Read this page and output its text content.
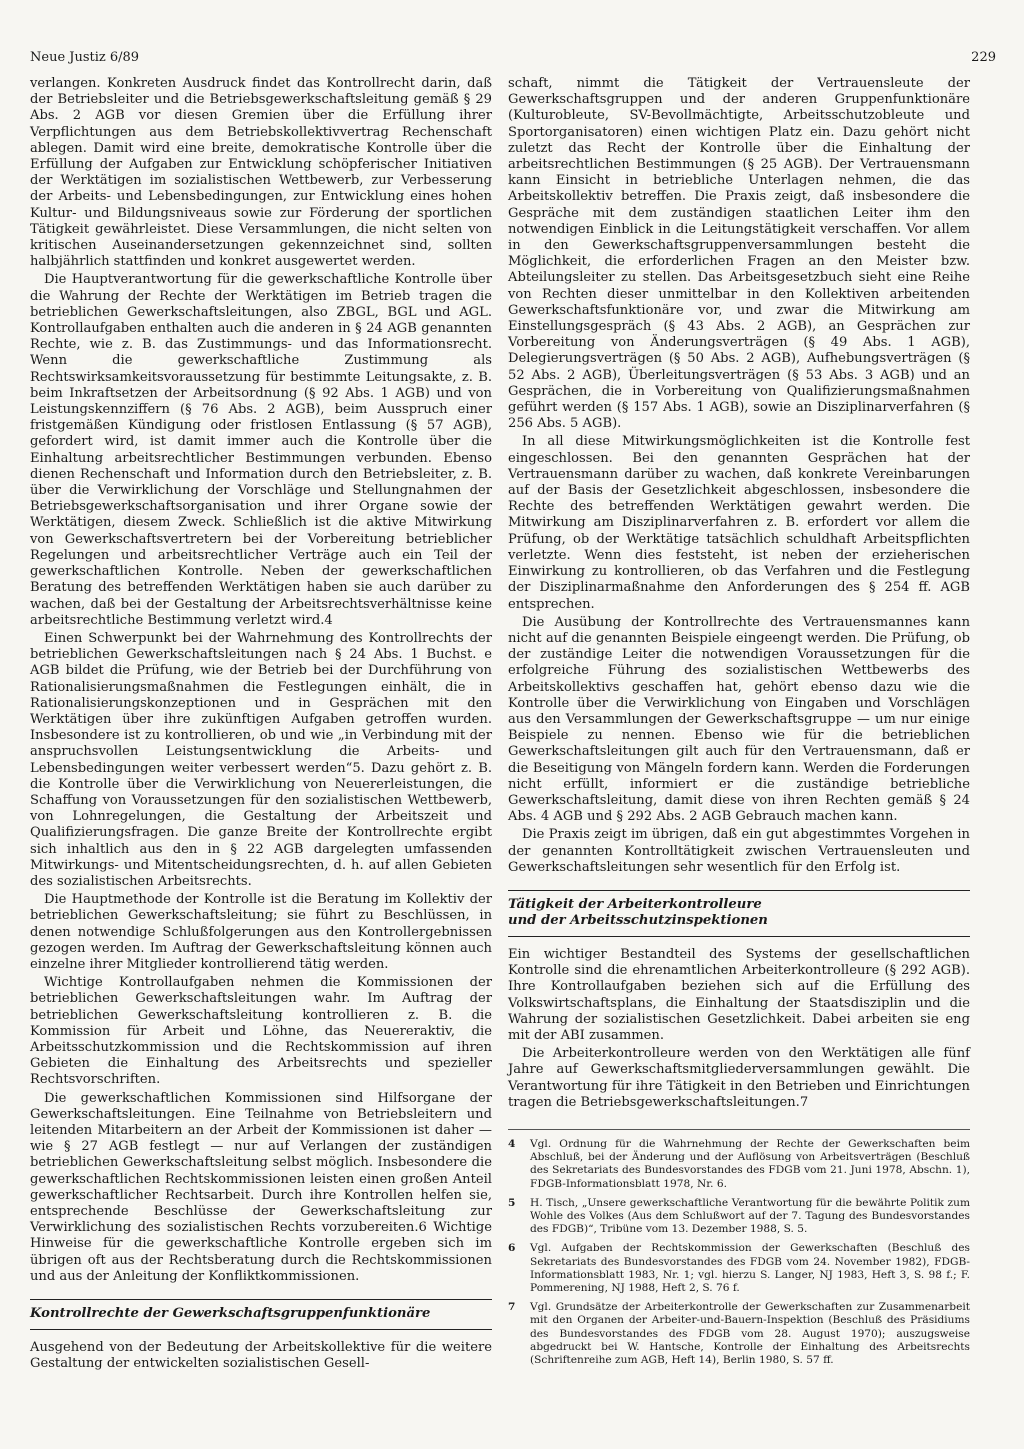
Neue Justiz 6/89	229

verlangen. Konkreten Ausdruck findet das Kontrollrecht darin, daß der Betriebsleiter und die Betriebsgewerkschaftsleitung gemäß § 29 Abs. 2 AGB vor diesen Gremien über die Erfüllung ihrer Verpflichtungen aus dem Betriebskollektivvertrag Rechenschaft ablegen. Damit wird eine breite, demokratische Kontrolle über die Erfüllung der Aufgaben zur Entwicklung schöpferischer Initiativen der Werktätigen im sozialistischen Wettbewerb, zur Verbesserung der Arbeits- und Lebensbedingungen, zur Entwicklung eines hohen Kultur- und Bildungsniveaus sowie zur Förderung der sportlichen Tätigkeit gewährleistet. Diese Versammlungen, die nicht selten von kritischen Auseinandersetzungen gekennzeichnet sind, sollten halbjährlich stattfinden und konkret ausgewertet werden.

Die Hauptverantwortung für die gewerkschaftliche Kontrolle über die Wahrung der Rechte der Werktätigen im Betrieb tragen die betrieblichen Gewerkschaftsleitungen, also ZBGL, BGL und AGL. Kontrollaufgaben enthalten auch die anderen in § 24 AGB genannten Rechte, wie z. B. das Zustimmungs- und das Informationsrecht. Wenn die gewerkschaftliche Zustimmung als Rechtswirksamkeitsvoraussetzung für bestimmte Leitungsakte, z. B. beim Inkraftsetzen der Arbeitsordnung (§ 92 Abs. 1 AGB) und von Leistungskennziffern (§ 76 Abs. 2 AGB), beim Ausspruch einer fristgemäßen Kündigung oder fristlosen Entlassung (§ 57 AGB), gefordert wird, ist damit immer auch die Kontrolle über die Einhaltung arbeitsrechtlicher Bestimmungen verbunden. Ebenso dienen Rechenschaft und Information durch den Betriebsleiter, z. B. über die Verwirklichung der Vorschläge und Stellungnahmen der Betriebsgewerkschaftsorganisation und ihrer Organe sowie der Werktätigen, diesem Zweck. Schließlich ist die aktive Mitwirkung von Gewerkschaftsvertretern bei der Vorbereitung betrieblicher Regelungen und arbeitsrechtlicher Verträge auch ein Teil der gewerkschaftlichen Kontrolle. Neben der gewerkschaftlichen Beratung des betreffenden Werktätigen haben sie auch darüber zu wachen, daß bei der Gestaltung der Arbeitsrechtsverhältnisse keine arbeitsrechtliche Bestimmung verletzt wird.4

Einen Schwerpunkt bei der Wahrnehmung des Kontrollrechts der betrieblichen Gewerkschaftsleitungen nach § 24 Abs. 1 Buchst. e AGB bildet die Prüfung, wie der Betrieb bei der Durchführung von Rationalisierungsmaßnahmen die Festlegungen einhält, die in Rationalisierungskonzeptionen und in Gesprächen mit den Werktätigen über ihre zukünftigen Aufgaben getroffen wurden. Insbesondere ist zu kontrollieren, ob und wie „in Verbindung mit der anspruchsvollen Leistungsentwicklung die Arbeits- und Lebensbedingungen weiter verbessert werden“5. Dazu gehört z. B. die Kontrolle über die Verwirklichung von Neuererleistungen, die Schaffung von Voraussetzungen für den sozialistischen Wettbewerb, von Lohnregelungen, die Gestaltung der Arbeitszeit und Qualifizierungsfragen. Die ganze Breite der Kontrollrechte ergibt sich inhaltlich aus den in § 22 AGB dargelegten umfassenden Mitwirkungs- und Mitentscheidungsrechten, d. h. auf allen Gebieten des sozialistischen Arbeitsrechts.

Die Hauptmethode der Kontrolle ist die Beratung im Kollektiv der betrieblichen Gewerkschaftsleitung; sie führt zu Beschlüssen, in denen notwendige Schlußfolgerungen aus den Kontrollergebnissen gezogen werden. Im Auftrag der Gewerkschaftsleitung können auch einzelne ihrer Mitglieder kontrollierend tätig werden.

Wichtige Kontrollaufgaben nehmen die Kommissionen der betrieblichen Gewerkschaftsleitungen wahr. Im Auftrag der betrieblichen Gewerkschaftsleitung kontrollieren z. B. die Kommission für Arbeit und Löhne, das Neuereraktiv, die Arbeitsschutzkommission und die Rechtskommission auf ihren Gebieten die Einhaltung des Arbeitsrechts und spezieller Rechtsvorschriften.

Die gewerkschaftlichen Kommissionen sind Hilfsorgane der Gewerkschaftsleitungen. Eine Teilnahme von Betriebsleitern und leitenden Mitarbeitern an der Arbeit der Kommissionen ist daher — wie § 27 AGB festlegt — nur auf Verlangen der zuständigen betrieblichen Gewerkschaftsleitung selbst möglich. Insbesondere die gewerkschaftlichen Rechtskommissionen leisten einen großen Anteil gewerkschaftlicher Rechtsarbeit. Durch ihre Kontrollen helfen sie, entsprechende Beschlüsse der Gewerkschaftsleitung zur Verwirklichung des sozialistischen Rechts vorzubereiten.6 Wichtige Hinweise für die gewerkschaftliche Kontrolle ergeben sich im übrigen oft aus der Rechtsberatung durch die Rechtskommissionen und aus der Anleitung der Konfliktkommissionen.

Kontrollrechte der Gewerkschaftsgruppenfunktionäre

Ausgehend von der Bedeutung der Arbeitskollektive für die weitere Gestaltung der entwickelten sozialistischen Gesell-

schaft, nimmt die Tätigkeit der Vertrauensleute der Gewerkschaftsgruppen und der anderen Gruppenfunktionäre (Kulturobleute, SV-Bevollmächtigte, Arbeitsschutzobleute und Sportorganisatoren) einen wichtigen Platz ein. Dazu gehört nicht zuletzt das Recht der Kontrolle über die Einhaltung der arbeitsrechtlichen Bestimmungen (§ 25 AGB). Der Vertrauensmann kann Einsicht in betriebliche Unterlagen nehmen, die das Arbeitskollektiv betreffen. Die Praxis zeigt, daß insbesondere die Gespräche mit dem zuständigen staatlichen Leiter ihm den notwendigen Einblick in die Leitungstätigkeit verschaffen. Vor allem in den Gewerkschaftsgruppenversammlungen besteht die Möglichkeit, die erforderlichen Fragen an den Meister bzw. Abteilungsleiter zu stellen. Das Arbeitsgesetzbuch sieht eine Reihe von Rechten dieser unmittelbar in den Kollektiven arbeitenden Gewerkschaftsfunktionäre vor, und zwar die Mitwirkung am Einstellungsgespräch (§ 43 Abs. 2 AGB), an Gesprächen zur Vorbereitung von Änderungsverträgen (§ 49 Abs. 1 AGB), Delegierungsverträgen (§ 50 Abs. 2 AGB), Aufhebungsverträgen (§ 52 Abs. 2 AGB), Überleitungsverträgen (§ 53 Abs. 3 AGB) und an Gesprächen, die in Vorbereitung von Qualifizierungsmaßnahmen geführt werden (§ 157 Abs. 1 AGB), sowie an Disziplinarverfahren (§ 256 Abs. 5 AGB).

In all diese Mitwirkungsmöglichkeiten ist die Kontrolle fest eingeschlossen. Bei den genannten Gesprächen hat der Vertrauensmann darüber zu wachen, daß konkrete Vereinbarungen auf der Basis der Gesetzlichkeit abgeschlossen, insbesondere die Rechte des betreffenden Werktätigen gewahrt werden. Die Mitwirkung am Disziplinarverfahren z. B. erfordert vor allem die Prüfung, ob der Werktätige tatsächlich schuldhaft Arbeitspflichten verletzte. Wenn dies feststeht, ist neben der erzieherischen Einwirkung zu kontrollieren, ob das Verfahren und die Festlegung der Disziplinarmaßnahme den Anforderungen des § 254 ff. AGB entsprechen.

Die Ausübung der Kontrollrechte des Vertrauensmannes kann nicht auf die genannten Beispiele eingeengt werden. Die Prüfung, ob der zuständige Leiter die notwendigen Voraussetzungen für die erfolgreiche Führung des sozialistischen Wettbewerbs des Arbeitskollektivs geschaffen hat, gehört ebenso dazu wie die Kontrolle über die Verwirklichung von Eingaben und Vorschlägen aus den Versammlungen der Gewerkschaftsgruppe — um nur einige Beispiele zu nennen. Ebenso wie für die betrieblichen Gewerkschaftsleitungen gilt auch für den Vertrauensmann, daß er die Beseitigung von Mängeln fordern kann. Werden die Forderungen nicht erfüllt, informiert er die zuständige betriebliche Gewerkschaftsleitung, damit diese von ihren Rechten gemäß § 24 Abs. 4 AGB und § 292 Abs. 2 AGB Gebrauch machen kann.

Die Praxis zeigt im übrigen, daß ein gut abgestimmtes Vorgehen in der genannten Kontrolltätigkeit zwischen Vertrauensleuten und Gewerkschaftsleitungen sehr wesentlich für den Erfolg ist.

Tätigkeit der Arbeiterkontrolleure
und der Arbeitsschutzinspektionen

Ein wichtiger Bestandteil des Systems der gesellschaftlichen Kontrolle sind die ehrenamtlichen Arbeiterkontrolleure (§ 292 AGB). Ihre Kontrollaufgaben beziehen sich auf die Erfüllung des Volkswirtschaftsplans, die Einhaltung der Staatsdisziplin und die Wahrung der sozialistischen Gesetzlichkeit. Dabei arbeiten sie eng mit der ABI zusammen.

Die Arbeiterkontrolleure werden von den Werktätigen alle fünf Jahre auf Gewerkschaftsmitgliederversammlungen gewählt. Die Verantwortung für ihre Tätigkeit in den Betrieben und Einrichtungen tragen die Betriebsgewerkschaftsleitungen.7

4	Vgl. Ordnung für die Wahrnehmung der Rechte der Gewerkschaften beim Abschluß, bei der Änderung und der Auflösung von Arbeitsverträgen (Beschluß des Sekretariats des Bundesvorstandes des FDGB vom 21. Juni 1978, Abschn. 1), FDGB-Informationsblatt 1978, Nr. 6.
5	H. Tisch, „Unsere gewerkschaftliche Verantwortung für die bewährte Politik zum Wohle des Volkes (Aus dem Schlußwort auf der 7. Tagung des Bundesvorstandes des FDGB)“, Tribüne vom 13. Dezember 1988, S. 5.
6	Vgl. Aufgaben der Rechtskommission der Gewerkschaften (Beschluß des Sekretariats des Bundesvorstandes des FDGB vom 24. November 1982), FDGB-Informationsblatt 1983, Nr. 1; vgl. hierzu S. Langer, NJ 1983, Heft 3, S. 98 f.; F. Pommerening, NJ 1988, Heft 2, S. 76 f.
7	Vgl. Grundsätze der Arbeiterkontrolle der Gewerkschaften zur Zusammenarbeit mit den Organen der Arbeiter-und-Bauern-Inspektion (Beschluß des Präsidiums des Bundesvorstandes des FDGB vom 28. August 1970); auszugsweise abgedruckt bei W. Hantsche, Kontrolle der Einhaltung des Arbeitsrechts (Schriftenreihe zum AGB, Heft 14), Berlin 1980, S. 57 ff.
